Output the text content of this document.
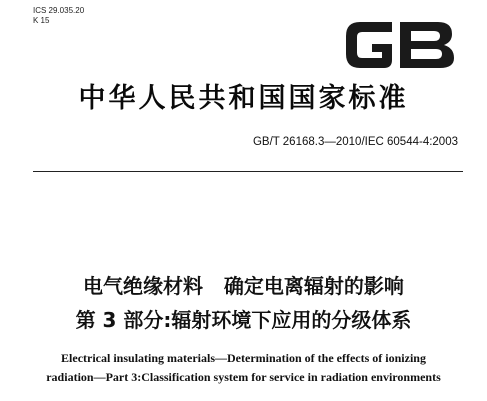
ICS 29.035.20
K 15
中华人民共和国国家标准
GB/T 26168.3—2010/IEC 60544-4:2003
电气绝缘材料   确定电离辐射的影响
第 3 部分:辐射环境下应用的分级体系
Electrical insulating materials—Determination of the effects of ionizing
radiation—Part 3:Classification system for service in radiation environments
